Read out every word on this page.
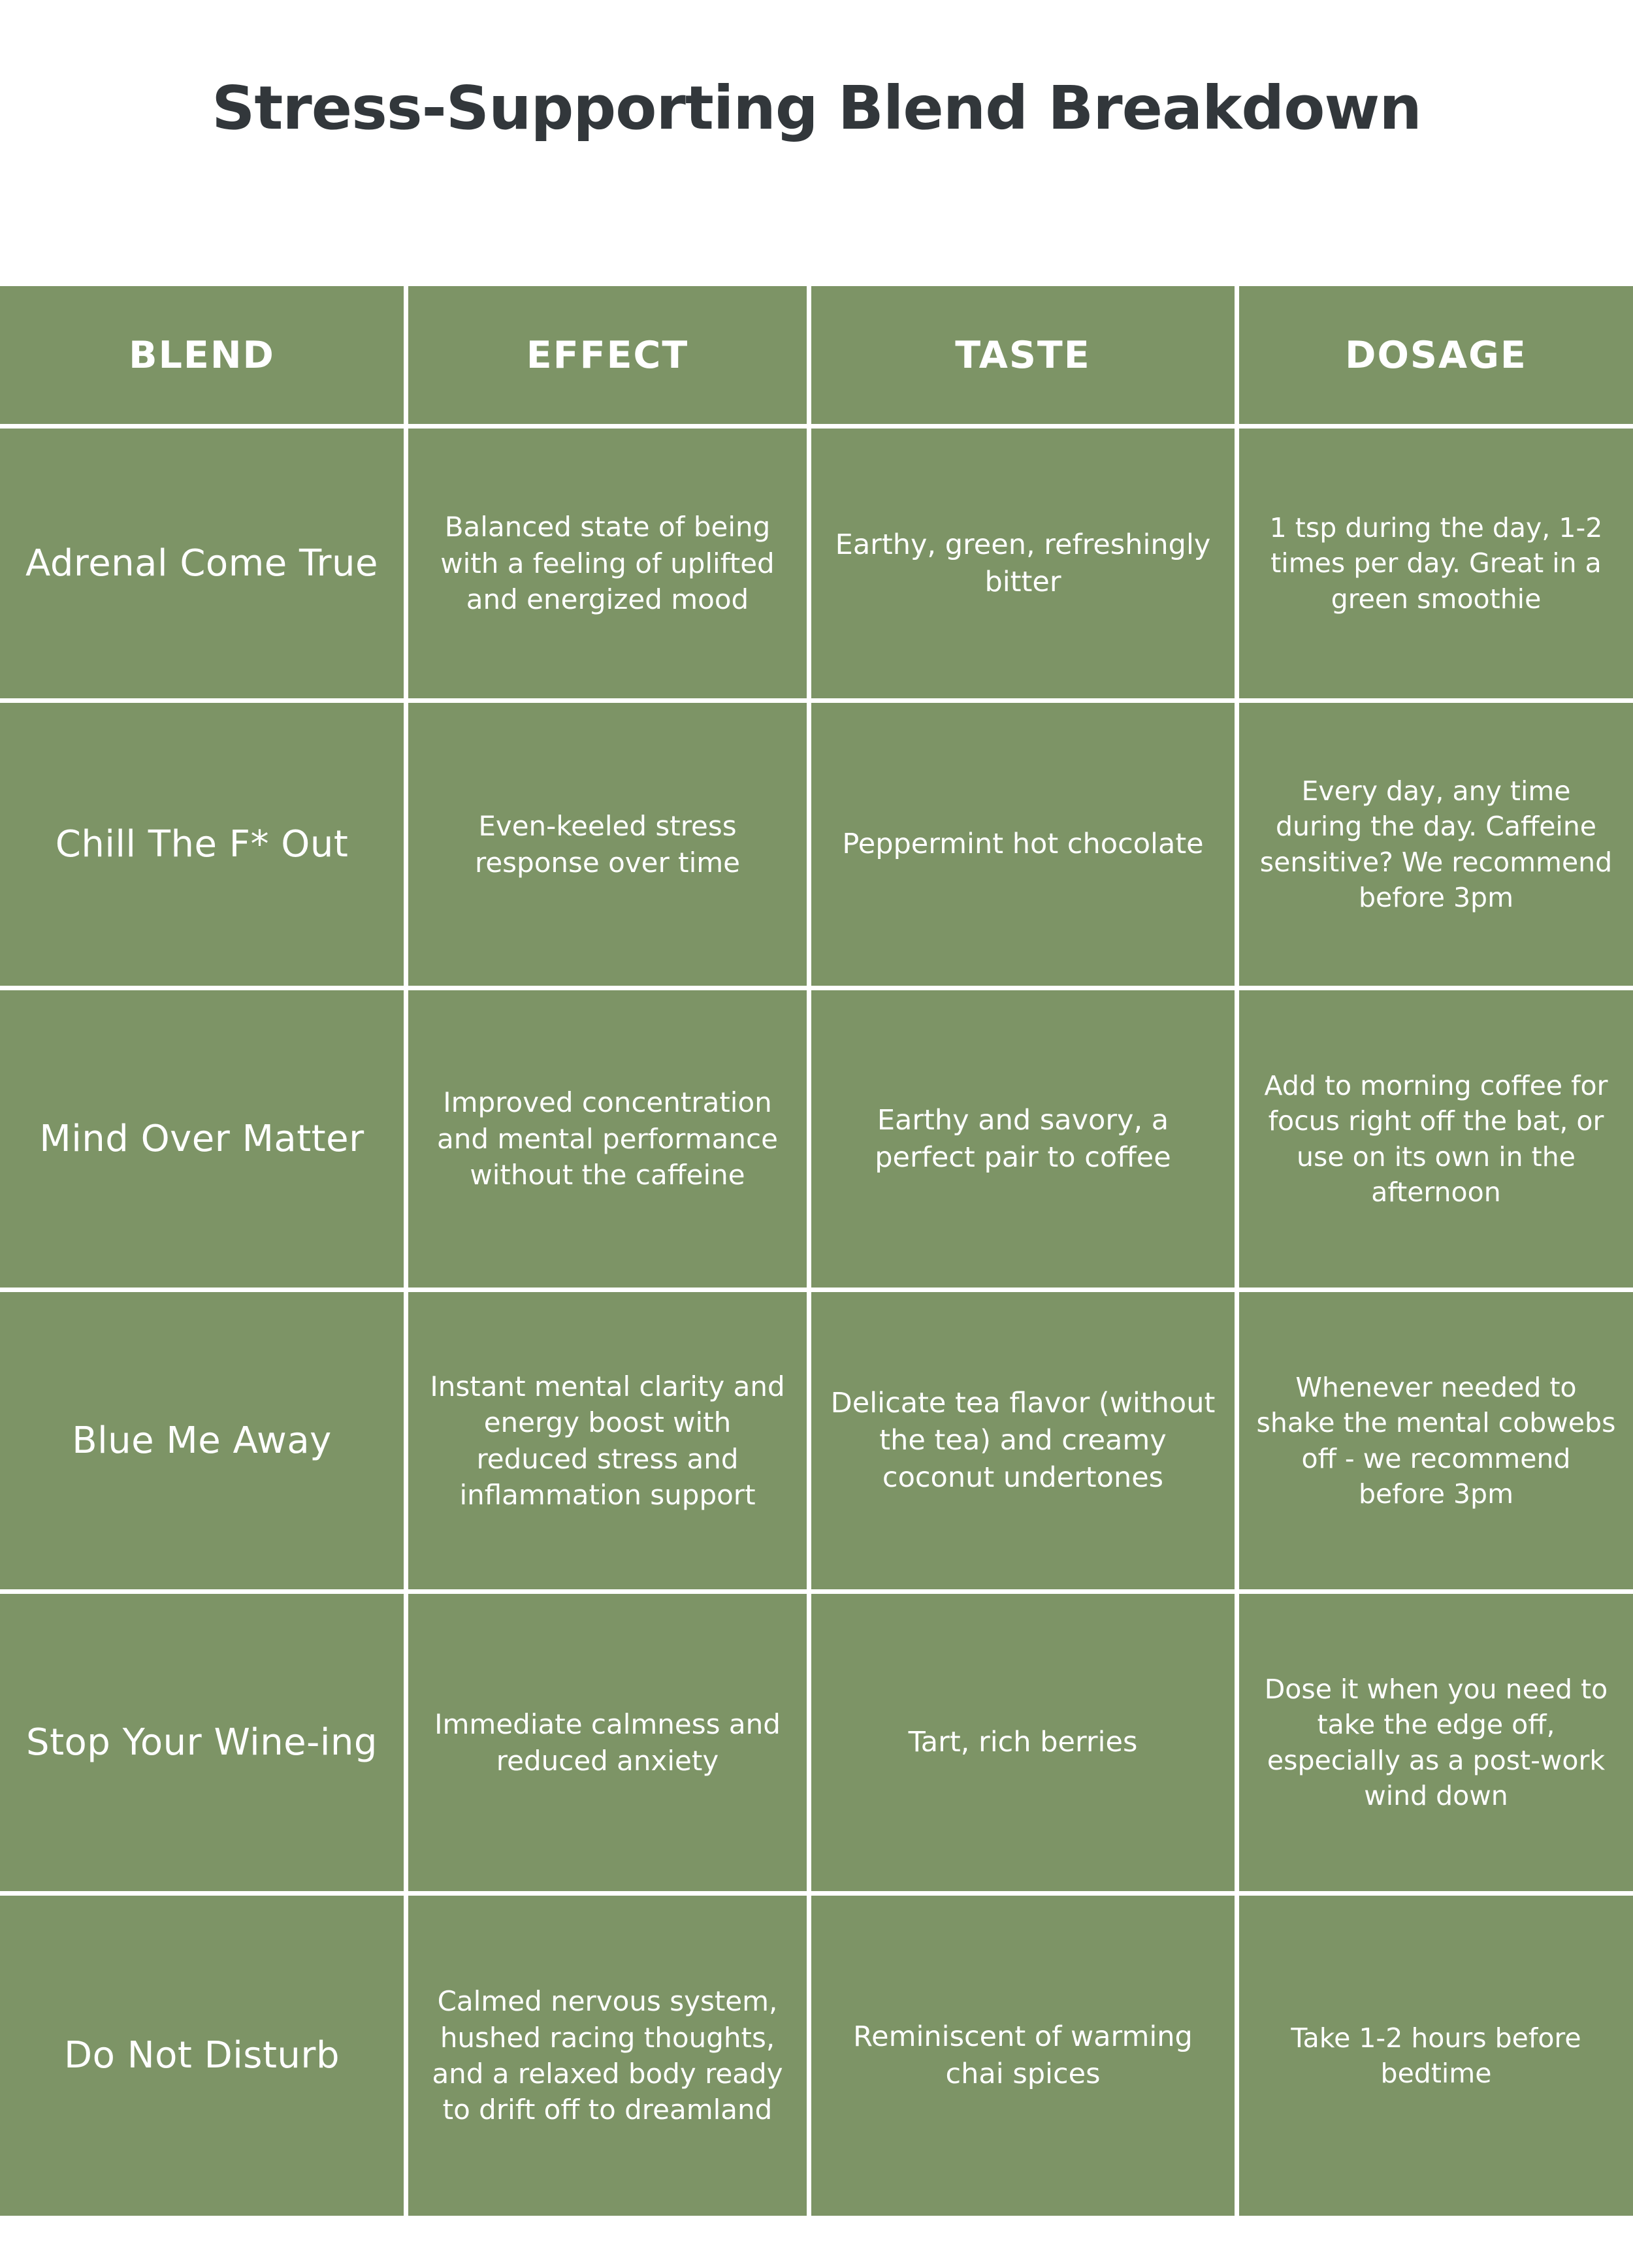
Stress-Supporting Blend Breakdown
BLEND	EFFECT	TASTE	DOSAGE
Adrenal Come True	Balanced state of being with a feeling of uplifted and energized mood	Earthy, green, refreshingly bitter	1 tsp during the day, 1-2 times per day. Great in a green smoothie
Chill The F* Out	Even-keeled stress response over time	Peppermint hot chocolate	Every day, any time during the day. Caffeine sensitive? We recommend before 3pm
Mind Over Matter	Improved concentration and mental performance without the caffeine	Earthy and savory, a perfect pair to coffee	Add to morning coffee for focus right off the bat, or use on its own in the afternoon
Blue Me Away	Instant mental clarity and energy boost with reduced stress and inflammation support	Delicate tea flavor (without the tea) and creamy coconut undertones	Whenever needed to shake the mental cobwebs off - we recommend before 3pm
Stop Your Wine-ing	Immediate calmness and reduced anxiety	Tart, rich berries	Dose it when you need to take the edge off, especially as a post-work wind down
Do Not Disturb	Calmed nervous system, hushed racing thoughts, and a relaxed body ready to drift off to dreamland	Reminiscent of warming chai spices	Take 1-2 hours before bedtime
